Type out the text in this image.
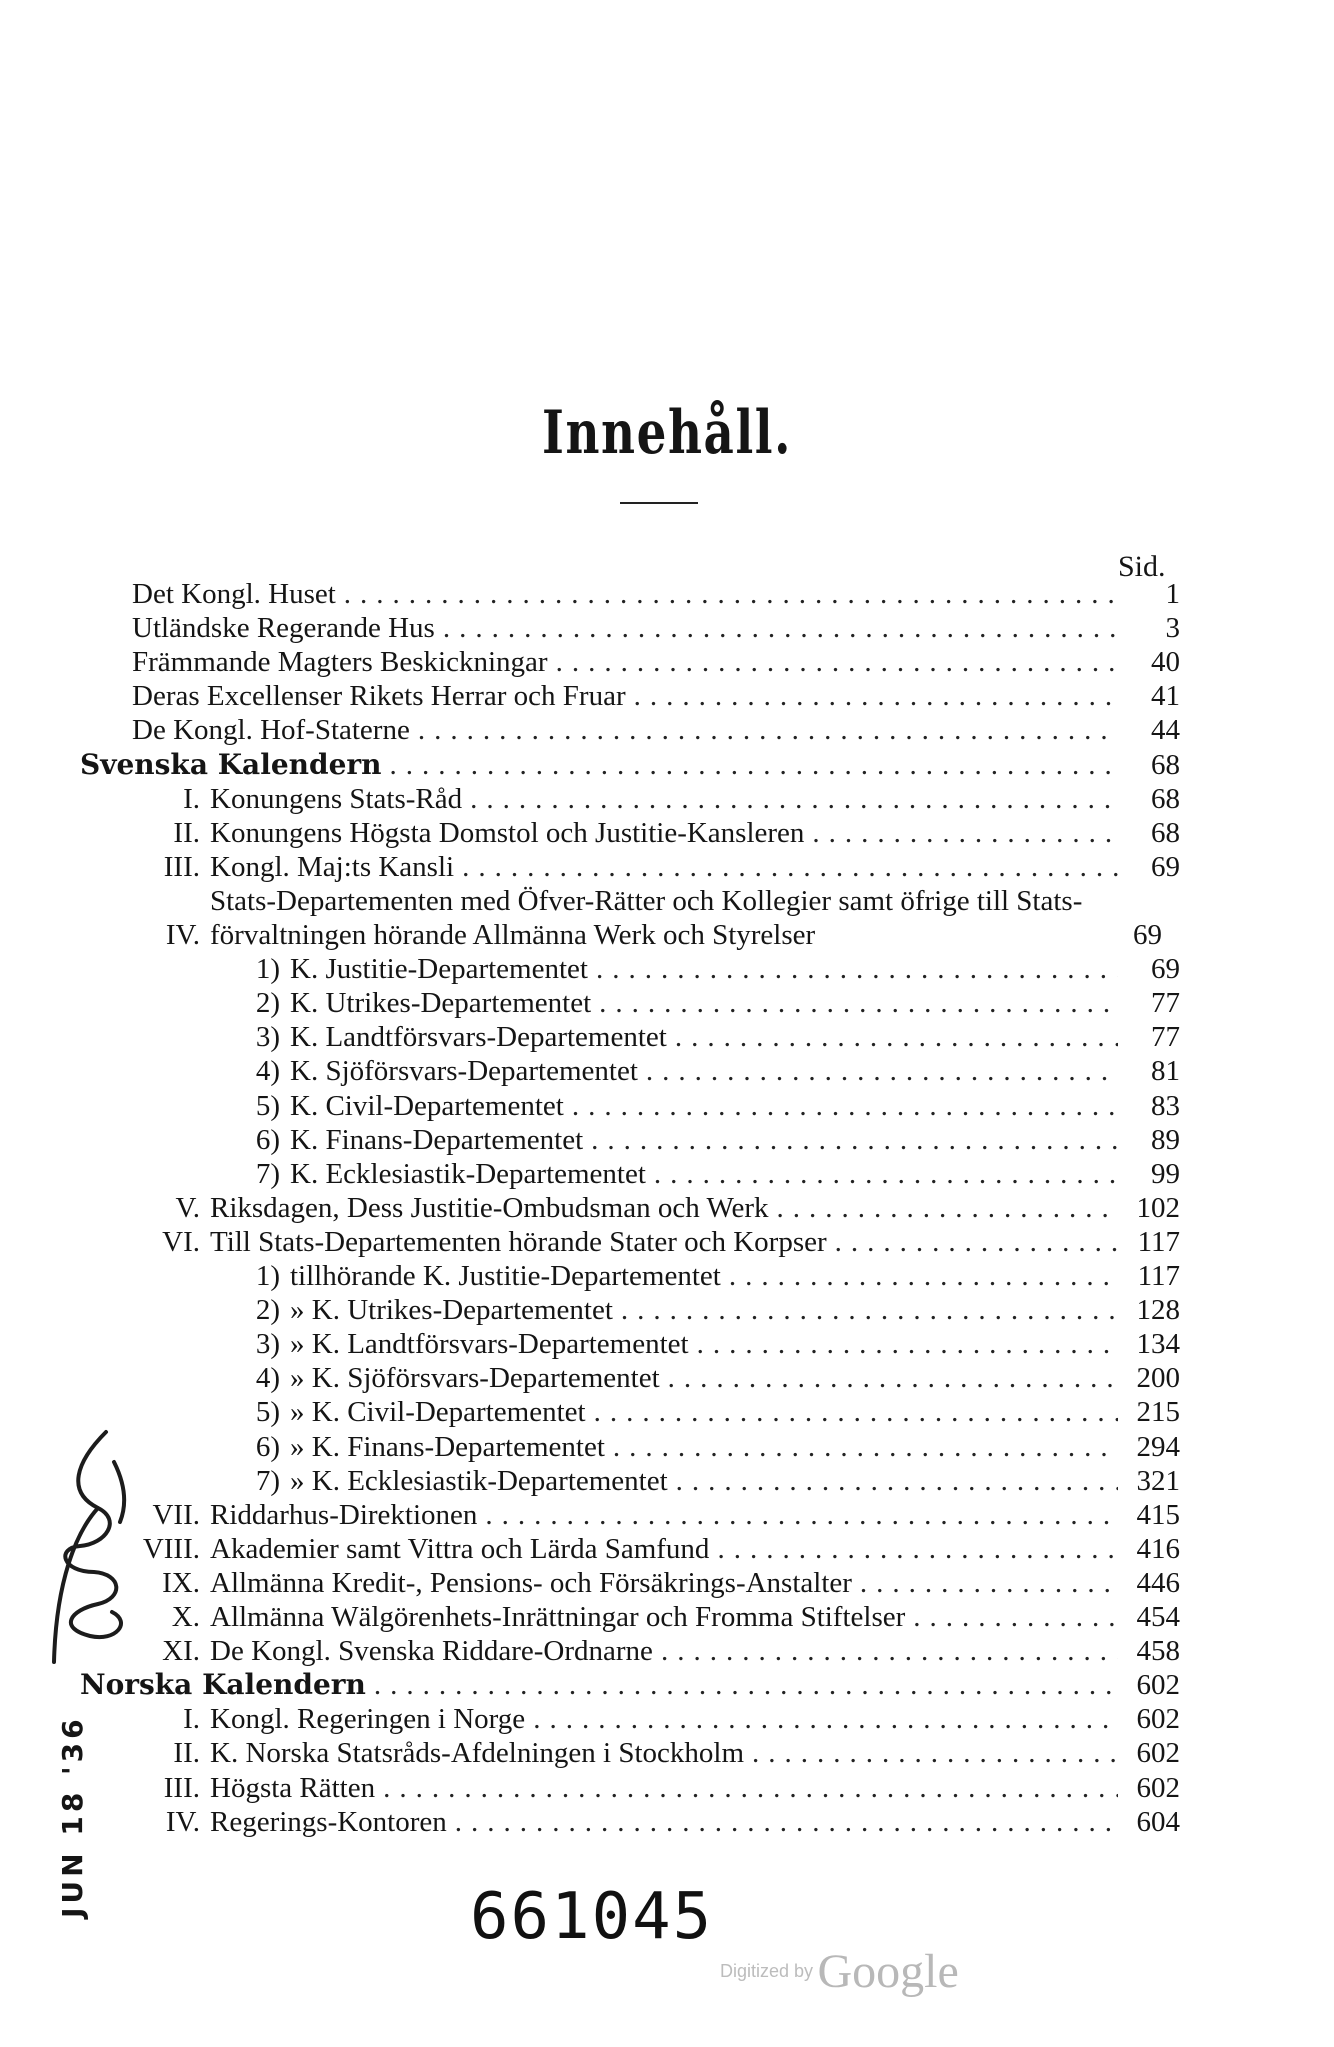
Innehåll.
Sid.
Det Kongl. Huset .....	1
Utländske Regerande Hus .....	3
Främmande Magters Beskickningar .....	40
Deras Excellenser Rikets Herrar och Fruar .....	41
De Kongl. Hof-Staterne .....	44
Svenska Kalendern .....	68
I. Konungens Stats-Råd .....	68
II. Konungens Högsta Domstol och Justitie-Kansleren .....	68
III. Kongl. Maj:ts Kansli .....	69
IV.
Stats-Departementen med Öfver-Rätter och Kollegier samt öfrige till Stats-förvaltningen hörande Allmänna Werk och Styrelser	69
1) K. Justitie-Departementet .....	69
2) K. Utrikes-Departementet .....	77
3) K. Landtförsvars-Departementet .....	77
4) K. Sjöförsvars-Departementet .....	81
5) K. Civil-Departementet .....	83
6) K. Finans-Departementet .....	89
7) K. Ecklesiastik-Departementet .....	99
V. Riksdagen, Dess Justitie-Ombudsman och Werk .....	102
VI. Till Stats-Departementen hörande Stater och Korpser .....	117
1) tillhörande K. Justitie-Departementet .....	117
2) » K. Utrikes-Departementet .....	128
3) » K. Landtförsvars-Departementet .....	134
4) » K. Sjöförsvars-Departementet .....	200
5) » K. Civil-Departementet .....	215
6) » K. Finans-Departementet .....	294
7) » K. Ecklesiastik-Departementet .....	321
VII. Riddarhus-Direktionen .....	415
VIII. Akademier samt Vittra och Lärda Samfund .....	416
IX. Allmänna Kredit-, Pensions- och Försäkrings-Anstalter .....	446
X. Allmänna Wälgörenhets-Inrättningar och Fromma Stiftelser .....	454
XI. De Kongl. Svenska Riddare-Ordnarne .....	458
Norska Kalendern .....	602
I. Kongl. Regeringen i Norge .....	602
II. K. Norska Statsråds-Afdelningen i Stockholm .....	602
III. Högsta Rätten .....	602
IV. Regerings-Kontoren .....	604
JUN 18 '36	661045
Digitized by Google
